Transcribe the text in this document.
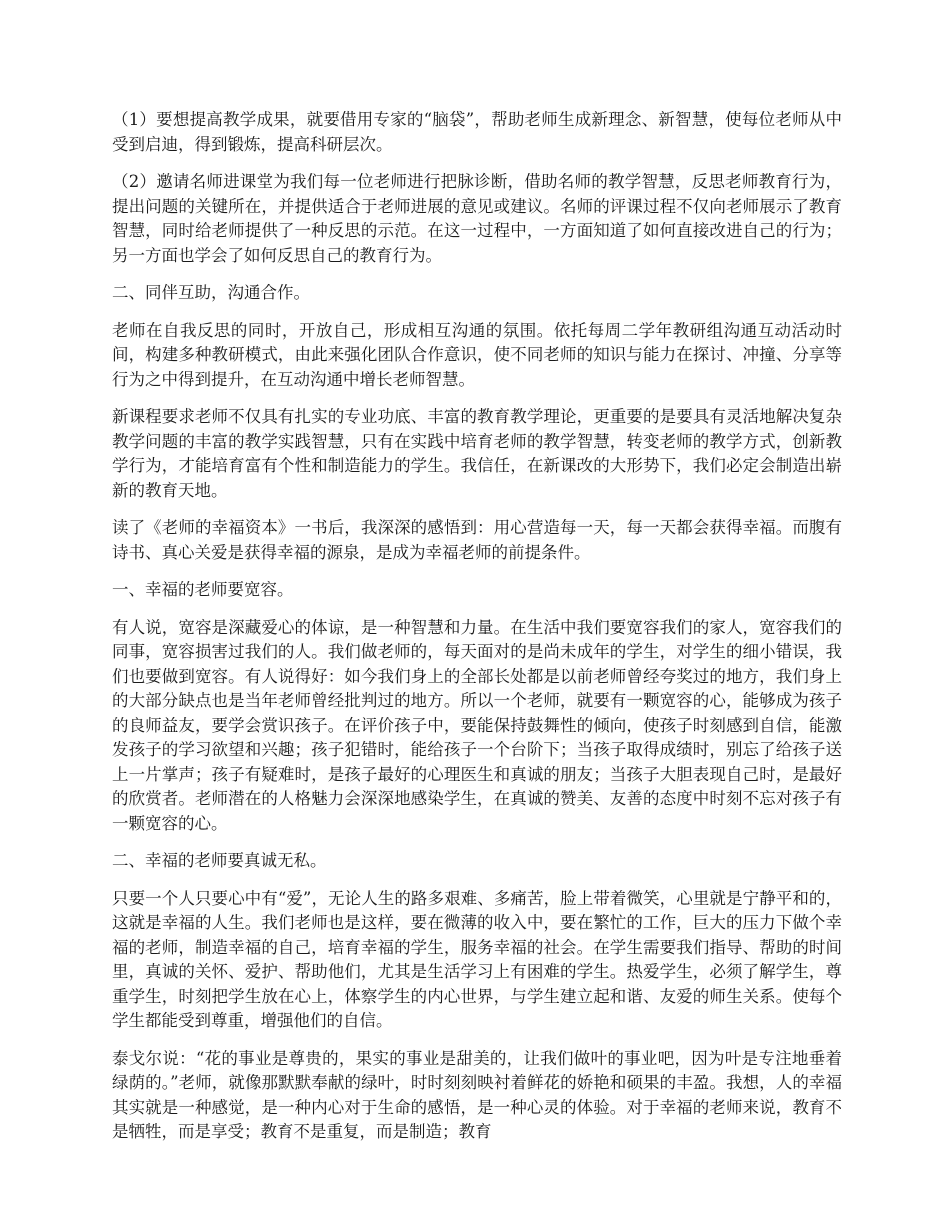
（1）要想提高教学成果，就要借用专家的“脑袋”，帮助老师生成新理念、新智慧，使每位老师从中受到启迪，得到锻炼，提高科研层次。

（2）邀请名师进课堂为我们每一位老师进行把脉诊断，借助名师的教学智慧，反思老师教育行为，提出问题的关键所在，并提供适合于老师进展的意见或建议。名师的评课过程不仅向老师展示了教育智慧，同时给老师提供了一种反思的示范。在这一过程中，一方面知道了如何直接改进自己的行为；另一方面也学会了如何反思自己的教育行为。

二、同伴互助，沟通合作。

老师在自我反思的同时，开放自己，形成相互沟通的氛围。依托每周二学年教研组沟通互动活动时间，构建多种教研模式，由此来强化团队合作意识，使不同老师的知识与能力在探讨、冲撞、分享等行为之中得到提升，在互动沟通中增长老师智慧。

新课程要求老师不仅具有扎实的专业功底、丰富的教育教学理论，更重要的是要具有灵活地解决复杂教学问题的丰富的教学实践智慧，只有在实践中培育老师的教学智慧，转变老师的教学方式，创新教学行为，才能培育富有个性和制造能力的学生。我信任，在新课改的大形势下，我们必定会制造出崭新的教育天地。

读了《老师的幸福资本》一书后，我深深的感悟到：用心营造每一天，每一天都会获得幸福。而腹有诗书、真心关爱是获得幸福的源泉，是成为幸福老师的前提条件。

一、幸福的老师要宽容。

有人说，宽容是深藏爱心的体谅，是一种智慧和力量。在生活中我们要宽容我们的家人，宽容我们的同事，宽容损害过我们的人。我们做老师的，每天面对的是尚未成年的学生，对学生的细小错误，我们也要做到宽容。有人说得好：如今我们身上的全部长处都是以前老师曾经夸奖过的地方，我们身上的大部分缺点也是当年老师曾经批判过的地方。所以一个老师，就要有一颗宽容的心，能够成为孩子的良师益友，要学会赏识孩子。在评价孩子中，要能保持鼓舞性的倾向，使孩子时刻感到自信，能激发孩子的学习欲望和兴趣；孩子犯错时，能给孩子一个台阶下；当孩子取得成绩时，别忘了给孩子送上一片掌声；孩子有疑难时，是孩子最好的心理医生和真诚的朋友；当孩子大胆表现自己时，是最好的欣赏者。老师潜在的人格魅力会深深地感染学生，在真诚的赞美、友善的态度中时刻不忘对孩子有一颗宽容的心。

二、幸福的老师要真诚无私。

只要一个人只要心中有“爱”，无论人生的路多艰难、多痛苦，脸上带着微笑，心里就是宁静平和的，这就是幸福的人生。我们老师也是这样，要在微薄的收入中，要在繁忙的工作，巨大的压力下做个幸福的老师，制造幸福的自己，培育幸福的学生，服务幸福的社会。在学生需要我们指导、帮助的时间里，真诚的关怀、爱护、帮助他们，尤其是生活学习上有困难的学生。热爱学生，必须了解学生，尊重学生，时刻把学生放在心上，体察学生的内心世界，与学生建立起和谐、友爱的师生关系。使每个学生都能受到尊重，增强他们的自信。

泰戈尔说：“花的事业是尊贵的，果实的事业是甜美的，让我们做叶的事业吧，因为叶是专注地垂着绿荫的。”老师，就像那默默奉献的绿叶，时时刻刻映衬着鲜花的娇艳和硕果的丰盈。我想，人的幸福其实就是一种感觉，是一种内心对于生命的感悟，是一种心灵的体验。对于幸福的老师来说，教育不是牺牲，而是享受；教育不是重复，而是制造；教育
